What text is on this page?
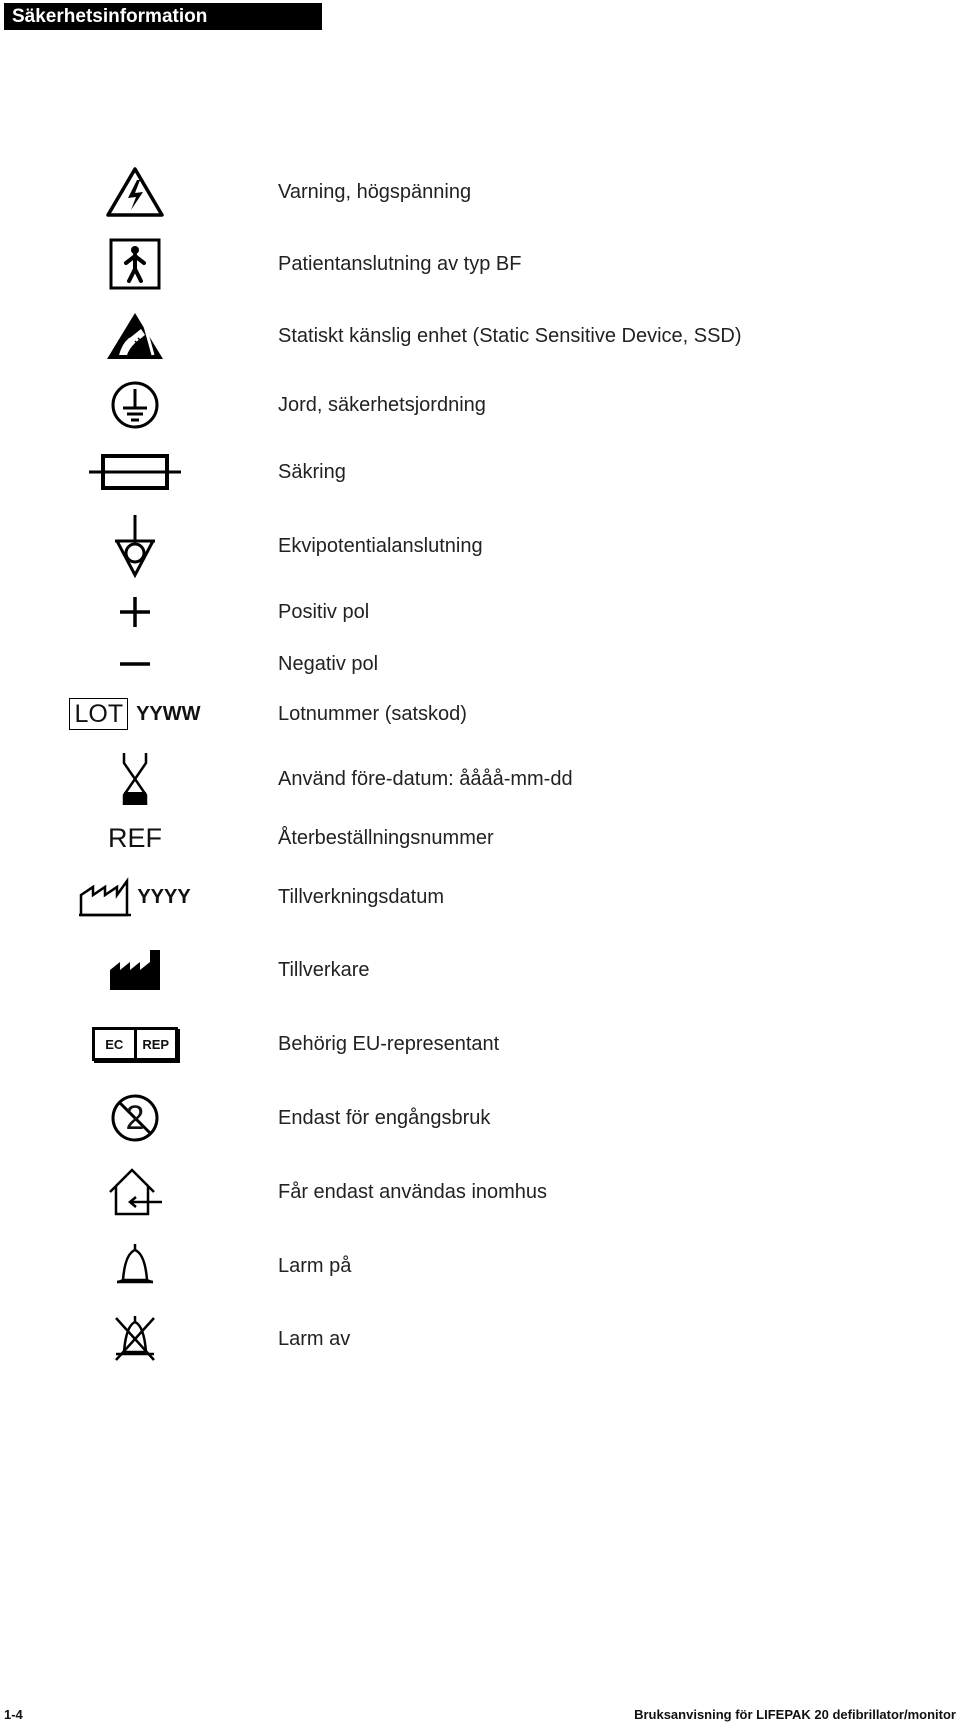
Säkerhetsinformation
Varning, högspänning
Patientanslutning av typ BF
Statiskt känslig enhet (Static Sensitive Device, SSD)
Jord, säkerhetsjordning
Säkring
Ekvipotentialanslutning
Positiv pol
Negativ pol
LOT YYWW	Lotnummer (satskod)
Använd före-datum: åååå-mm-dd
REF	Återbeställningsnummer
YYYY	Tillverkningsdatum
Tillverkare
EC	REP	Behörig EU-representant
2	Endast för engångsbruk
Får endast användas inomhus
Larm på
Larm av
1-4	Bruksanvisning för LIFEPAK 20 defibrillator/monitor
